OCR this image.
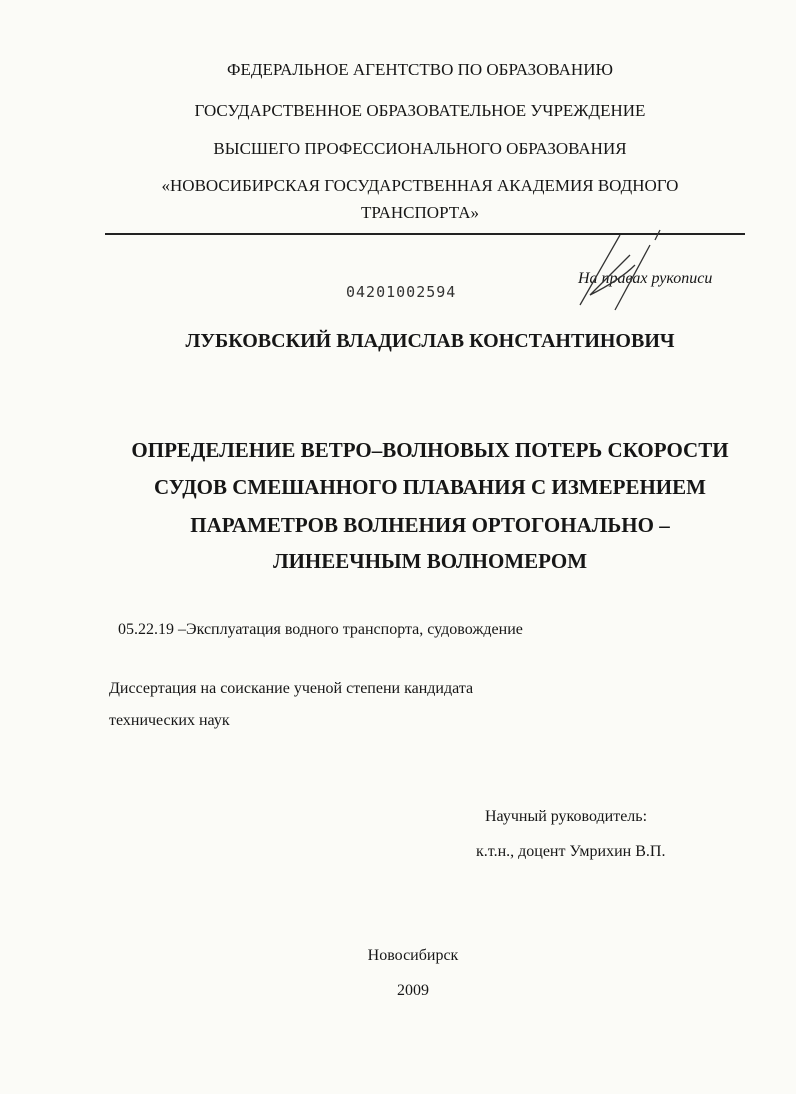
ФЕДЕРАЛЬНОЕ АГЕНТСТВО ПО ОБРАЗОВАНИЮ
ГОСУДАРСТВЕННОЕ ОБРАЗОВАТЕЛЬНОЕ УЧРЕЖДЕНИЕ
ВЫСШЕГО ПРОФЕССИОНАЛЬНОГО ОБРАЗОВАНИЯ
«НОВОСИБИРСКАЯ ГОСУДАРСТВЕННАЯ АКАДЕМИЯ ВОДНОГО
ТРАНСПОРТА»
04201002594
На правах рукописи
ЛУБКОВСКИЙ ВЛАДИСЛАВ КОНСТАНТИНОВИЧ
ОПРЕДЕЛЕНИЕ ВЕТРО–ВОЛНОВЫХ ПОТЕРЬ СКОРОСТИ
СУДОВ СМЕШАННОГО ПЛАВАНИЯ С ИЗМЕРЕНИЕМ
ПАРАМЕТРОВ ВОЛНЕНИЯ ОРТОГОНАЛЬНО –
ЛИНЕЕЧНЫМ ВОЛНОМЕРОМ
05.22.19 –Эксплуатация водного транспорта, судовождение
Диссертация на соискание ученой степени кандидата
технических наук
Научный руководитель:
к.т.н., доцент Умрихин В.П.
Новосибирск
2009
